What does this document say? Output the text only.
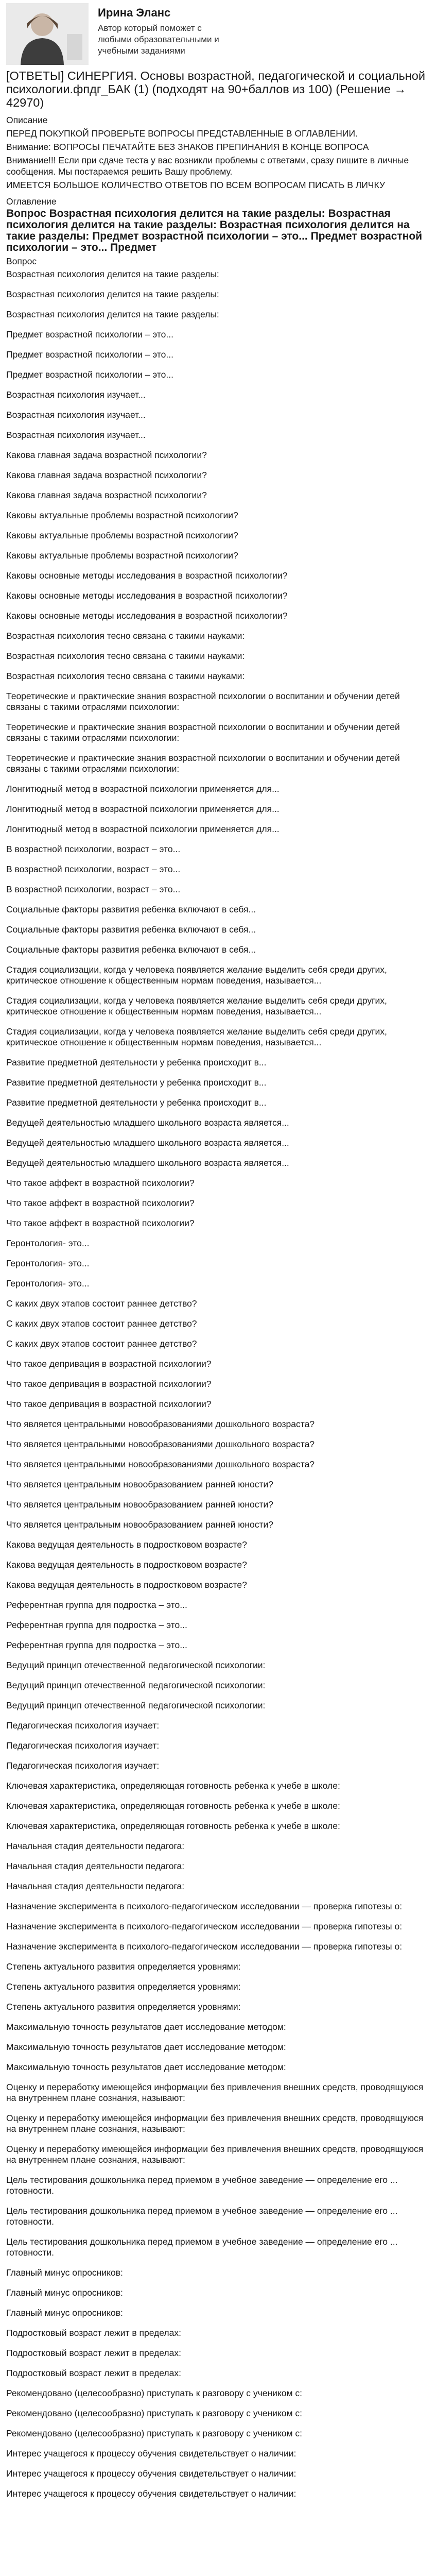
Ирина Эланс
Автор который поможет с любыми образовательными и учебными заданиями
[ОТВЕТЫ] СИНЕРГИЯ. Основы возрастной, педагогической и социальной психологии.фпдг_БАК (1) (подходят на 90+баллов из 100) (Решение → 42970)
Описание
ПЕРЕД ПОКУПКОЙ ПРОВЕРЬТЕ ВОПРОСЫ ПРЕДСТАВЛЕННЫЕ В ОГЛАВЛЕНИИ.
Внимание: ВОПРОСЫ ПЕЧАТАЙТЕ БЕЗ ЗНАКОВ ПРЕПИНАНИЯ В КОНЦЕ ВОПРОСА
Внимание!!! Если при сдаче теста у вас возникли проблемы с ответами, сразу пишите в личные сообщения. Мы постараемся решить Вашу проблему.
ИМЕЕТСЯ БОЛЬШОЕ КОЛИЧЕСТВО ОТВЕТОВ ПО ВСЕМ ВОПРОСАМ ПИСАТЬ В ЛИЧКУ
Оглавление
Вопрос Возрастная психология делится на такие разделы: Возрастная психология делится на такие разделы: Возрастная психология делится на такие разделы: Предмет возрастной психологии – это... Предмет возрастной психологии – это... Предмет
Вопрос
Возрастная психология делится на такие разделы:
Возрастная психология делится на такие разделы:
Возрастная психология делится на такие разделы:
Предмет возрастной психологии – это...
Предмет возрастной психологии – это...
Предмет возрастной психологии – это...
Возрастная психология изучает...
Возрастная психология изучает...
Возрастная психология изучает...
Какова главная задача возрастной психологии?
Какова главная задача возрастной психологии?
Какова главная задача возрастной психологии?
Каковы актуальные проблемы возрастной психологии?
Каковы актуальные проблемы возрастной психологии?
Каковы актуальные проблемы возрастной психологии?
Каковы основные методы исследования в возрастной психологии?
Каковы основные методы исследования в возрастной психологии?
Каковы основные методы исследования в возрастной психологии?
Возрастная психология тесно связана с такими науками:
Возрастная психология тесно связана с такими науками:
Возрастная психология тесно связана с такими науками:
Теоретические и практические знания возрастной психологии о воспитании и обучении детей связаны с такими отраслями психологии:
Теоретические и практические знания возрастной психологии о воспитании и обучении детей связаны с такими отраслями психологии:
Теоретические и практические знания возрастной психологии о воспитании и обучении детей связаны с такими отраслями психологии:
Лонгитюдный метод в возрастной психологии применяется для...
Лонгитюдный метод в возрастной психологии применяется для...
Лонгитюдный метод в возрастной психологии применяется для...
В возрастной психологии, возраст – это...
В возрастной психологии, возраст – это...
В возрастной психологии, возраст – это...
Социальные факторы развития ребенка включают в себя...
Социальные факторы развития ребенка включают в себя...
Социальные факторы развития ребенка включают в себя...
Стадия социализации, когда у человека появляется желание выделить себя среди других, критическое отношение к общественным нормам поведения, называется...
Стадия социализации, когда у человека появляется желание выделить себя среди других, критическое отношение к общественным нормам поведения, называется...
Стадия социализации, когда у человека появляется желание выделить себя среди других, критическое отношение к общественным нормам поведения, называется...
Развитие предметной деятельности у ребенка происходит в...
Развитие предметной деятельности у ребенка происходит в...
Развитие предметной деятельности у ребенка происходит в...
Ведущей деятельностью младшего школьного возраста является...
Ведущей деятельностью младшего школьного возраста является...
Ведущей деятельностью младшего школьного возраста является...
Что такое аффект в возрастной психологии?
Что такое аффект в возрастной психологии?
Что такое аффект в возрастной психологии?
Геронтология- это...
Геронтология- это...
Геронтология- это...
С каких двух этапов состоит раннее детство?
С каких двух этапов состоит раннее детство?
С каких двух этапов состоит раннее детство?
Что такое депривация в возрастной психологии?
Что такое депривация в возрастной психологии?
Что такое депривация в возрастной психологии?
Что является центральными новообразованиями дошкольного возраста?
Что является центральными новообразованиями дошкольного возраста?
Что является центральными новообразованиями дошкольного возраста?
Что является центральным новообразованием ранней юности?
Что является центральным новообразованием ранней юности?
Что является центральным новообразованием ранней юности?
Какова ведущая деятельность в подростковом возрасте?
Какова ведущая деятельность в подростковом возрасте?
Какова ведущая деятельность в подростковом возрасте?
Референтная группа для подростка – это...
Референтная группа для подростка – это...
Референтная группа для подростка – это...
Ведущий принцип отечественной педагогической психологии:
Ведущий принцип отечественной педагогической психологии:
Ведущий принцип отечественной педагогической психологии:
Педагогическая психология изучает:
Педагогическая психология изучает:
Педагогическая психология изучает:
Ключевая характеристика, определяющая готовность ребенка к учебе в школе:
Ключевая характеристика, определяющая готовность ребенка к учебе в школе:
Ключевая характеристика, определяющая готовность ребенка к учебе в школе:
Начальная стадия деятельности педагога:
Начальная стадия деятельности педагога:
Начальная стадия деятельности педагога:
Назначение эксперимента в психолого-педагогическом исследовании — проверка гипотезы о:
Назначение эксперимента в психолого-педагогическом исследовании — проверка гипотезы о:
Назначение эксперимента в психолого-педагогическом исследовании — проверка гипотезы о:
Степень актуального развития определяется уровнями:
Степень актуального развития определяется уровнями:
Степень актуального развития определяется уровнями:
Максимальную точность результатов дает исследование методом:
Максимальную точность результатов дает исследование методом:
Максимальную точность результатов дает исследование методом:
Оценку и переработку имеющейся информации без привлечения внешних средств, проводящуюся на внутреннем плане сознания, называют:
Оценку и переработку имеющейся информации без привлечения внешних средств, проводящуюся на внутреннем плане сознания, называют:
Оценку и переработку имеющейся информации без привлечения внешних средств, проводящуюся на внутреннем плане сознания, называют:
Цель тестирования дошкольника перед приемом в учебное заведение — определение его ... готовности.
Цель тестирования дошкольника перед приемом в учебное заведение — определение его ... готовности.
Цель тестирования дошкольника перед приемом в учебное заведение — определение его ... готовности.
Главный минус опросников:
Главный минус опросников:
Главный минус опросников:
Подростковый возраст лежит в пределах:
Подростковый возраст лежит в пределах:
Подростковый возраст лежит в пределах:
Рекомендовано (целесообразно) приступать к разговору с учеником с:
Рекомендовано (целесообразно) приступать к разговору с учеником с:
Рекомендовано (целесообразно) приступать к разговору с учеником с:
Интерес учащегося к процессу обучения свидетельствует о наличии:
Интерес учащегося к процессу обучения свидетельствует о наличии:
Интерес учащегося к процессу обучения свидетельствует о наличии:
